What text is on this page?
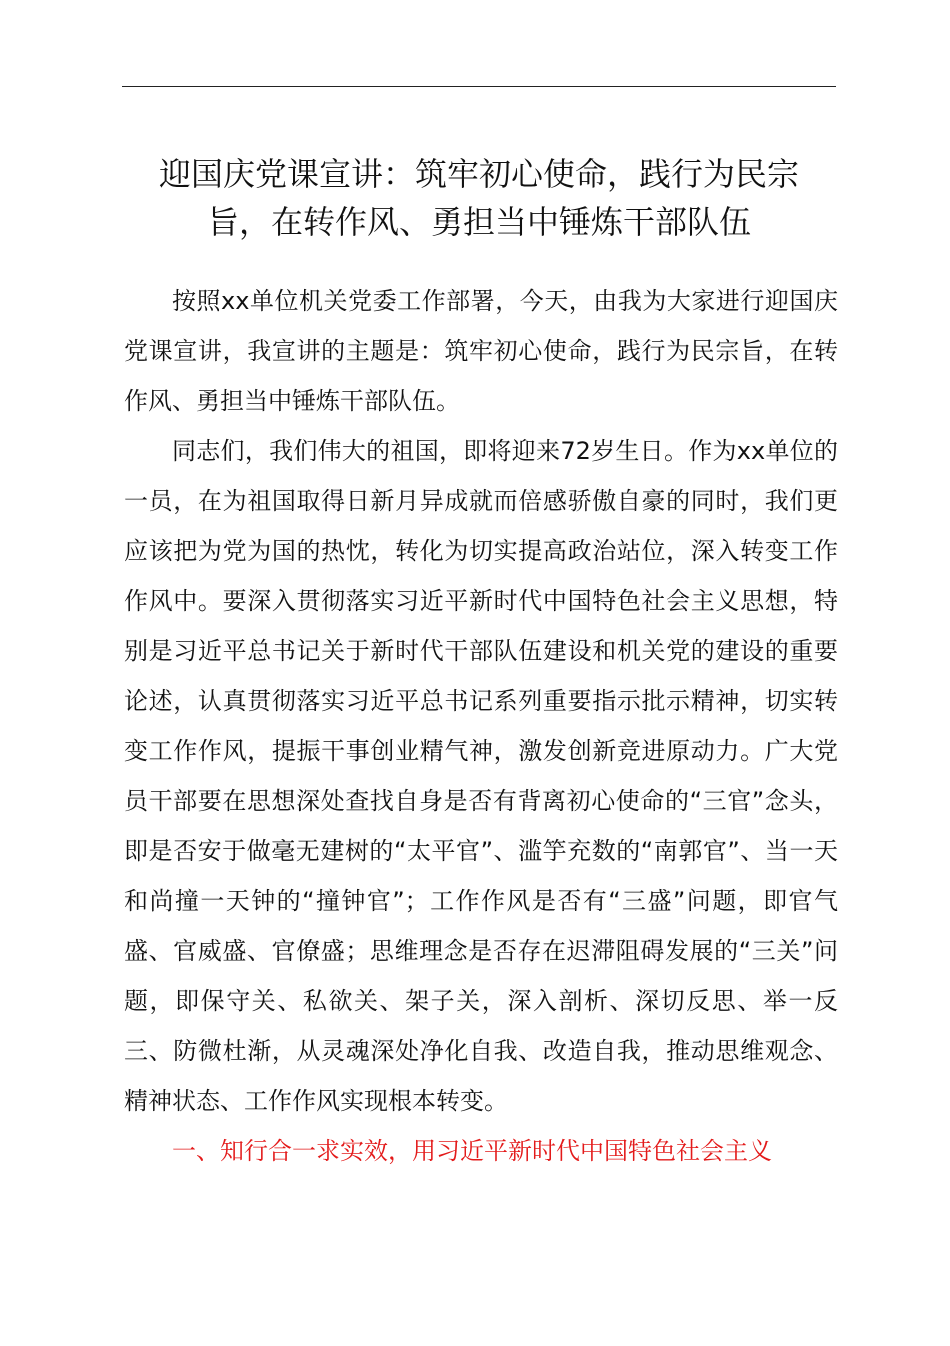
迎国庆党课宣讲：筑牢初心使命，践行为民宗
旨，在转作风、勇担当中锤炼干部队伍

按照xx单位机关党委工作部署，今天，由我为大家进行迎国庆党课宣讲，我宣讲的主题是：筑牢初心使命，践行为民宗旨，在转作风、勇担当中锤炼干部队伍。

同志们，我们伟大的祖国，即将迎来72岁生日。作为xx单位的一员，在为祖国取得日新月异成就而倍感骄傲自豪的同时，我们更应该把为党为国的热忱，转化为切实提高政治站位，深入转变工作作风中。要深入贯彻落实习近平新时代中国特色社会主义思想，特别是习近平总书记关于新时代干部队伍建设和机关党的建设的重要论述，认真贯彻落实习近平总书记系列重要指示批示精神，切实转变工作作风，提振干事创业精气神，激发创新竞进原动力。广大党员干部要在思想深处查找自身是否有背离初心使命的“三官”念头，即是否安于做毫无建树的“太平官”、滥竽充数的“南郭官”、当一天和尚撞一天钟的“撞钟官”；工作作风是否有“三盛”问题，即官气盛、官威盛、官僚盛；思维理念是否存在迟滞阻碍发展的“三关”问题，即保守关、私欲关、架子关，深入剖析、深切反思、举一反三、防微杜渐，从灵魂深处净化自我、改造自我，推动思维观念、精神状态、工作作风实现根本转变。

一、知行合一求实效，用习近平新时代中国特色社会主义
